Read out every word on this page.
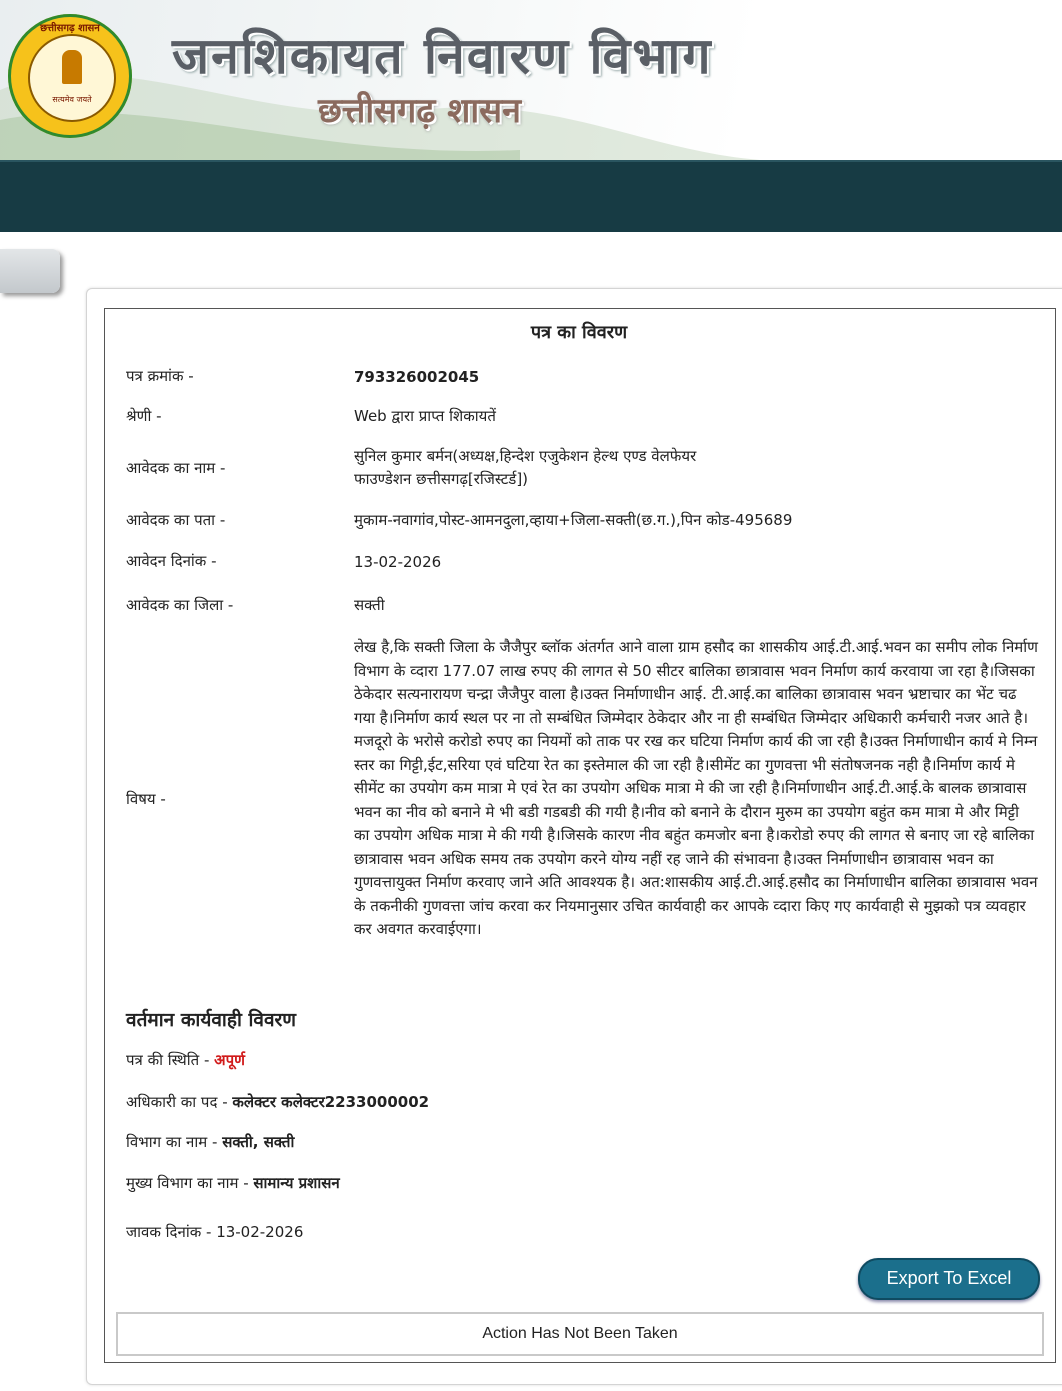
छत्तीसगढ़ शासन
सत्यमेव जयते
जनशिकायत निवारण विभाग
छत्तीसगढ़ शासन
पत्र का विवरण
पत्र क्रमांक -	793326002045
श्रेणी -	Web द्वारा प्राप्त शिकायतें
आवेदक का नाम -
सुनिल कुमार बर्मन(अध्यक्ष,हिन्देश एजुकेशन हेल्थ एण्ड वेलफेयर
फाउण्डेशन छत्तीसगढ़[रजिस्टर्ड])
आवेदक का पता -	मुकाम-नवागांव,पोस्ट-आमनदुला,व्हाया+जिला-सक्ती(छ.ग.),पिन कोड-495689
आवेदन दिनांक -	13-02-2026
आवेदक का जिला -	सक्ती
विषय -
लेख है,कि सक्ती जिला के जैजैपुर ब्लॉक अंतर्गत आने वाला ग्राम हसौद का शासकीय आई.टी.आई.भवन का समीप लोक निर्माण विभाग के व्दारा 177.07 लाख रुपए की लागत से 50 सीटर बालिका छात्रावास भवन निर्माण कार्य करवाया जा रहा है।जिसका ठेकेदार सत्यनारायण चन्द्रा जैजैपुर वाला है।उक्त निर्माणाधीन आई. टी.आई.का बालिका छात्रावास भवन भ्रष्टाचार का भेंट चढ गया है।निर्माण कार्य स्थल पर ना तो सम्बंधित जिम्मेदार ठेकेदार और ना ही सम्बंधित जिम्मेदार अधिकारी कर्मचारी नजर आते है।मजदूरो के भरोसे करोडो रुपए का नियमों को ताक पर रख कर घटिया निर्माण कार्य की जा रही है।उक्त निर्माणाधीन कार्य मे निम्न स्तर का गिट्टी,ईट,सरिया एवं घटिया रेत का इस्तेमाल की जा रही है।सीमेंट का गुणवत्ता भी संतोषजनक नही है।निर्माण कार्य मे सीमेंट का उपयोग कम मात्रा मे एवं रेत का उपयोग अधिक मात्रा मे की जा रही है।निर्माणाधीन आई.टी.आई.के बालक छात्रावास भवन का नीव को बनाने मे भी बडी गडबडी की गयी है।नीव को बनाने के दौरान मुरुम का उपयोग बहुंत कम मात्रा मे और मिट्टी का उपयोग अधिक मात्रा मे की गयी है।जिसके कारण नीव बहुंत कमजोर बना है।करोडो रुपए की लागत से बनाए जा रहे बालिका छात्रावास भवन अधिक समय तक उपयोग करने योग्य नहीं रह जाने की संभावना है।उक्त निर्माणाधीन छात्रावास भवन का गुणवत्तायुक्त निर्माण करवाए जाने अति आवश्यक है। अत:शासकीय आई.टी.आई.हसौद का निर्माणाधीन बालिका छात्रावास भवन के तकनीकी गुणवत्ता जांच करवा कर नियमानुसार उचित कार्यवाही कर आपके व्दारा किए गए कार्यवाही से मुझको पत्र व्यवहार कर अवगत करवाईएगा।
वर्तमान कार्यवाही विवरण
पत्र की स्थिति - अपूर्ण
अधिकारी का पद - कलेक्टर कलेक्टर2233000002
विभाग का नाम - सक्ती, सक्ती
मुख्य विभाग का नाम - सामान्य प्रशासन
जावक दिनांक - 13-02-2026
Export To Excel
Action Has Not Been Taken
